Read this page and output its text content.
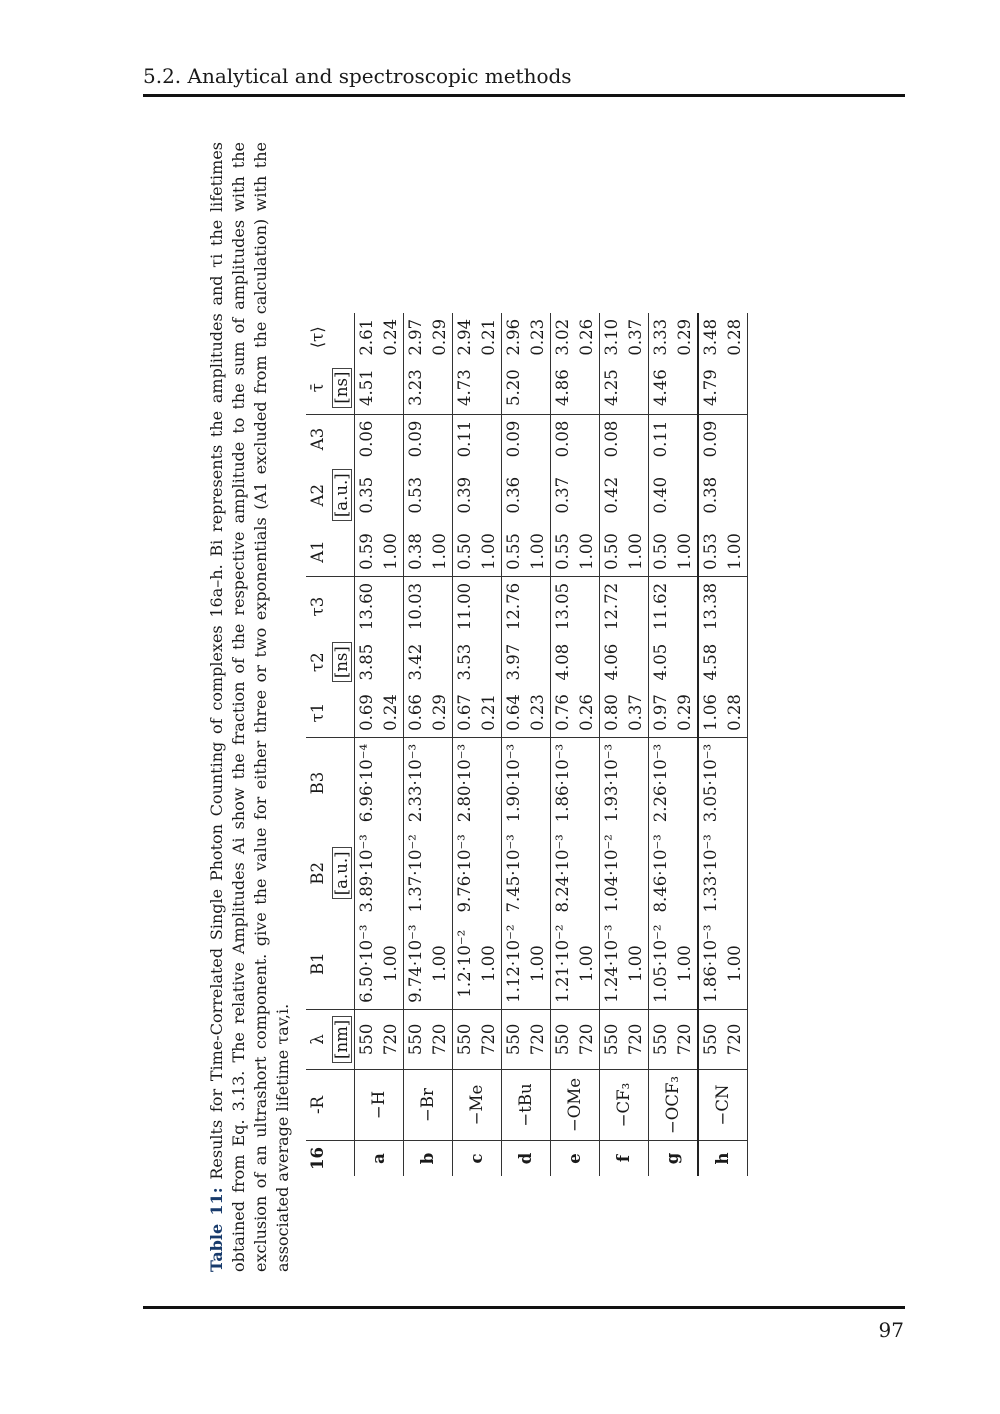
5.2. Analytical and spectroscopic methods
Table 11: Results for Time-Correlated Single Photon Counting of complexes 16a–h. Bi represents the amplitudes and τi the lifetimes obtained from Eq. 3.13. The relative Amplitudes Ai show the fraction of the respective amplitude to the sum of amplitudes with the exclusion of an ultrashort component. give the value for either three or two exponentials (A1 excluded from the calculation) with the associated average lifetime τav,i. 16	-R	λ	B1	B2	B3	τ1	τ2	τ3	A1	A2	A3	τ̄	⟨τ⟩
		[nm]		[a.u.]			[ns]			[a.u.]		[ns]	
a	−H	550	6.50·10⁻³	3.89·10⁻³	6.96·10⁻⁴	0.69	3.85	13.60	0.59	0.35	0.06	4.51	2.61
		720	1.00			0.24			1.00				0.24
b	−Br	550	9.74·10⁻³	1.37·10⁻²	2.33·10⁻³	0.66	3.42	10.03	0.38	0.53	0.09	3.23	2.97
		720	1.00			0.29			1.00				0.29
c	−Me	550	1.2·10⁻²	9.76·10⁻³	2.80·10⁻³	0.67	3.53	11.00	0.50	0.39	0.11	4.73	2.94
		720	1.00			0.21			1.00				0.21
d	−tBu	550	1.12·10⁻²	7.45·10⁻³	1.90·10⁻³	0.64	3.97	12.76	0.55	0.36	0.09	5.20	2.96
		720	1.00			0.23			1.00				0.23
e	−OMe	550	1.21·10⁻²	8.24·10⁻³	1.86·10⁻³	0.76	4.08	13.05	0.55	0.37	0.08	4.86	3.02
		720	1.00			0.26			1.00				0.26
f	−CF₃	550	1.24·10⁻³	1.04·10⁻²	1.93·10⁻³	0.80	4.06	12.72	0.50	0.42	0.08	4.25	3.10
		720	1.00			0.37			1.00				0.37
g	−OCF₃	550	1.05·10⁻²	8.46·10⁻³	2.26·10⁻³	0.97	4.05	11.62	0.50	0.40	0.11	4.46	3.33
		720	1.00			0.29			1.00				0.29
h	−CN	550	1.86·10⁻³	1.33·10⁻³	3.05·10⁻³	1.06	4.58	13.38	0.53	0.38	0.09	4.79	3.48
		720	1.00			0.28			1.00				0.28
97
